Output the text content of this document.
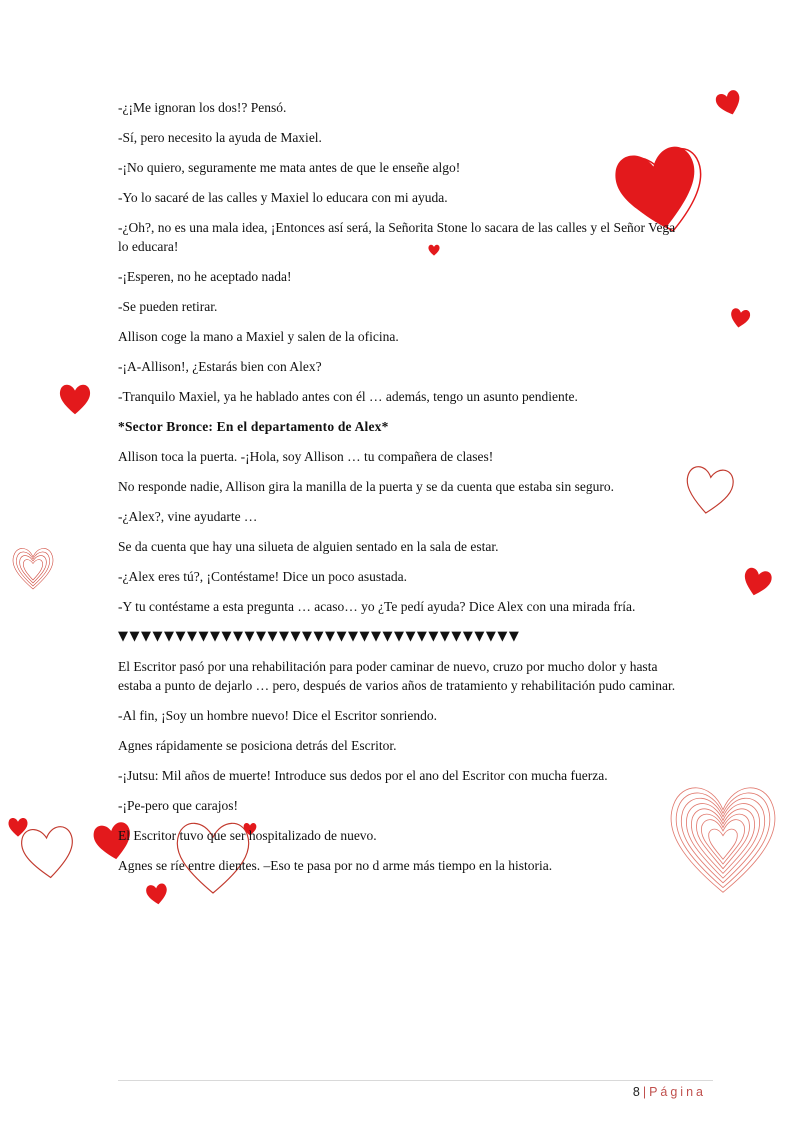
-¿¡Me ignoran los dos!? Pensó.

-Sí, pero necesito la ayuda de Maxiel.

-¡No quiero, seguramente me mata antes de que le enseñe algo!

-Yo lo sacaré de las calles y Maxiel lo educara con mi ayuda.

-¿Oh?, no es una mala idea, ¡Entonces así será, la Señorita Stone lo sacara de las calles y el Señor Vega lo educara!

-¡Esperen, no he aceptado nada!

-Se pueden retirar.

Allison coge la mano a Maxiel y salen de la oficina.

-¡A-Allison!, ¿Estarás bien con Alex?

-Tranquilo Maxiel, ya he hablado antes con él … además, tengo un asunto pendiente.

*Sector Bronce: En el departamento de Alex*

Allison toca la puerta. -¡Hola, soy Allison … tu compañera de clases!

No responde nadie, Allison gira la manilla de la puerta y se da cuenta que estaba sin seguro.

-¿Alex?, vine ayudarte …

Se da cuenta que hay una silueta de alguien sentado en la sala de estar.

-¿Alex eres tú?, ¡Contéstame! Dice un poco asustada.

-Y tu contéstame a esta pregunta … acaso… yo ¿Te pedí ayuda? Dice Alex con una mirada fría.

▼▼▼▼▼▼▼▼▼▼▼▼▼▼▼▼▼▼▼▼▼▼▼▼▼▼▼▼▼▼▼▼▼▼▼

El Escritor pasó por una rehabilitación para poder caminar de nuevo, cruzo por mucho dolor y hasta estaba a punto de dejarlo … pero, después de varios años de tratamiento y rehabilitación pudo caminar.

-Al fin, ¡Soy un hombre nuevo! Dice el Escritor sonriendo.

Agnes rápidamente se posiciona detrás del Escritor.

-¡Jutsu: Mil años de muerte! Introduce sus dedos por el ano del Escritor con mucha fuerza.

-¡Pe-pero que carajos!

El Escritor tuvo que ser hospitalizado de nuevo.

Agnes se ríe entre dientes. –Eso te pasa por no d arme más tiempo en la historia.

8 | Página
